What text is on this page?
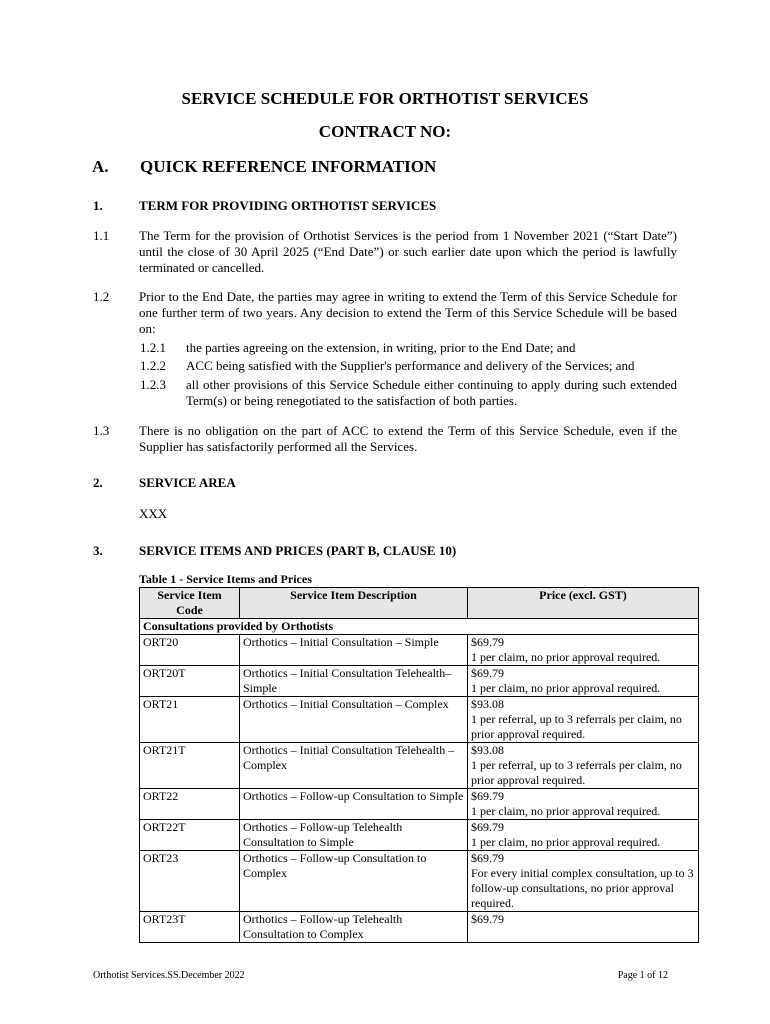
SERVICE SCHEDULE FOR ORTHOTIST SERVICES
CONTRACT NO:
A. QUICK REFERENCE INFORMATION
1.	TERM FOR PROVIDING ORTHOTIST SERVICES
1.1 The Term for the provision of Orthotist Services is the period from 1 November 2021 (“Start Date”) until the close of 30 April 2025 (“End Date”) or such earlier date upon which the period is lawfully terminated or cancelled.
1.2 Prior to the End Date, the parties may agree in writing to extend the Term of this Service Schedule for one further term of two years. Any decision to extend the Term of this Service Schedule will be based on:
1.2.1 the parties agreeing on the extension, in writing, prior to the End Date; and
1.2.2 ACC being satisfied with the Supplier's performance and delivery of the Services; and
1.2.3 all other provisions of this Service Schedule either continuing to apply during such extended Term(s) or being renegotiated to the satisfaction of both parties.
1.3 There is no obligation on the part of ACC to extend the Term of this Service Schedule, even if the Supplier has satisfactorily performed all the Services.
2.	SERVICE AREA
XXX
3.	SERVICE ITEMS AND PRICES (PART B, CLAUSE 10)
Table 1 - Service Items and Prices
Service Item Code	Service Item Description	Price (excl. GST)
Consultations provided by Orthotists		
ORT20	Orthotics – Initial Consultation – Simple	$69.79
1 per claim, no prior approval required.

ORT20T	Orthotics – Initial Consultation Telehealth– Simple	$69.79
1 per claim, no prior approval required.

ORT21	Orthotics – Initial Consultation – Complex	$93.08
1 per referral, up to 3 referrals per claim, no prior approval required.

ORT21T	Orthotics – Initial Consultation Telehealth – Complex	$93.08
1 per referral, up to 3 referrals per claim, no prior approval required.

ORT22	Orthotics – Follow-up Consultation to Simple	$69.79
1 per claim, no prior approval required.

ORT22T	Orthotics – Follow-up Telehealth Consultation to Simple	$69.79
1 per claim, no prior approval required.

ORT23	Orthotics – Follow-up Consultation to Complex	$69.79
For every initial complex consultation, up to 3 follow-up consultations, no prior approval required.

ORT23T	Orthotics – Follow-up Telehealth Consultation to Complex	$69.79
Orthotist Services.SS.December 2022	Page 1 of 12
